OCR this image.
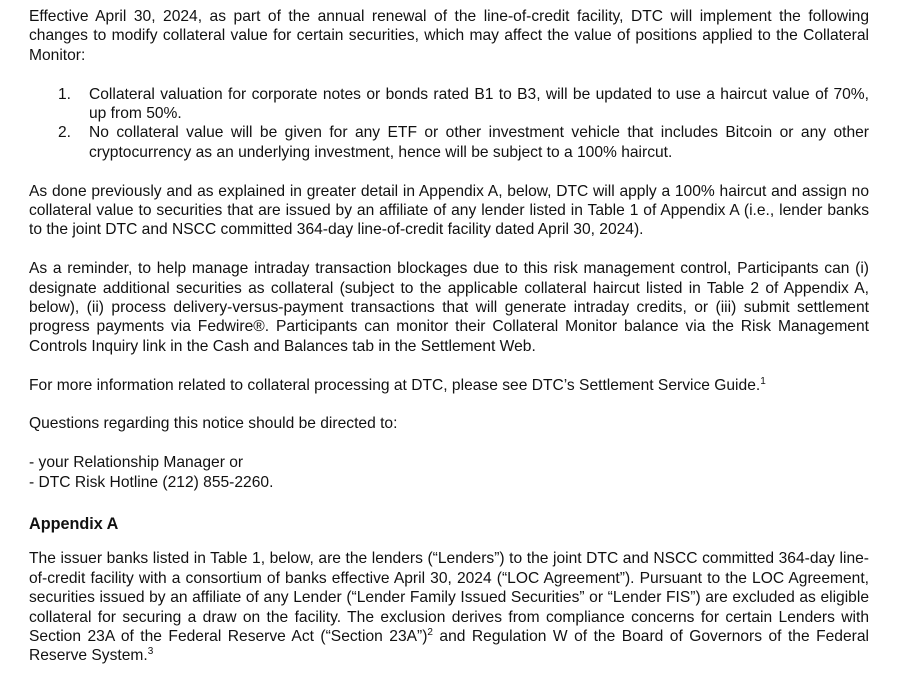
Effective April 30, 2024, as part of the annual renewal of the line-of-credit facility, DTC will implement the following changes to modify collateral value for certain securities, which may affect the value of positions applied to the Collateral Monitor:

1. Collateral valuation for corporate notes or bonds rated B1 to B3, will be updated to use a haircut value of 70%, up from 50%.
2. No collateral value will be given for any ETF or other investment vehicle that includes Bitcoin or any other cryptocurrency as an underlying investment, hence will be subject to a 100% haircut.

As done previously and as explained in greater detail in Appendix A, below, DTC will apply a 100% haircut and assign no collateral value to securities that are issued by an affiliate of any lender listed in Table 1 of Appendix A (i.e., lender banks to the joint DTC and NSCC committed 364-day line-of-credit facility dated April 30, 2024).

As a reminder, to help manage intraday transaction blockages due to this risk management control, Participants can (i) designate additional securities as collateral (subject to the applicable collateral haircut listed in Table 2 of Appendix A, below), (ii) process delivery-versus-payment transactions that will generate intraday credits, or (iii) submit settlement progress payments via Fedwire®. Participants can monitor their Collateral Monitor balance via the Risk Management Controls Inquiry link in the Cash and Balances tab in the Settlement Web.

For more information related to collateral processing at DTC, please see DTC’s Settlement Service Guide.$^1$

Questions regarding this notice should be directed to:

- your Relationship Manager or
- DTC Risk Hotline (212) 855-2260.
Appendix A

The issuer banks listed in Table 1, below, are the lenders (“Lenders”) to the joint DTC and NSCC committed 364-day line-of-credit facility with a consortium of banks effective April 30, 2024 (“LOC Agreement”). Pursuant to the LOC Agreement, securities issued by an affiliate of any Lender (“Lender Family Issued Securities” or “Lender FIS”) are excluded as eligible collateral for securing a draw on the facility. The exclusion derives from compliance concerns for certain Lenders with Section 23A of the Federal Reserve Act (“Section 23A”)$^2$ and Regulation W of the Board of Governors of the Federal Reserve System.$^3$
